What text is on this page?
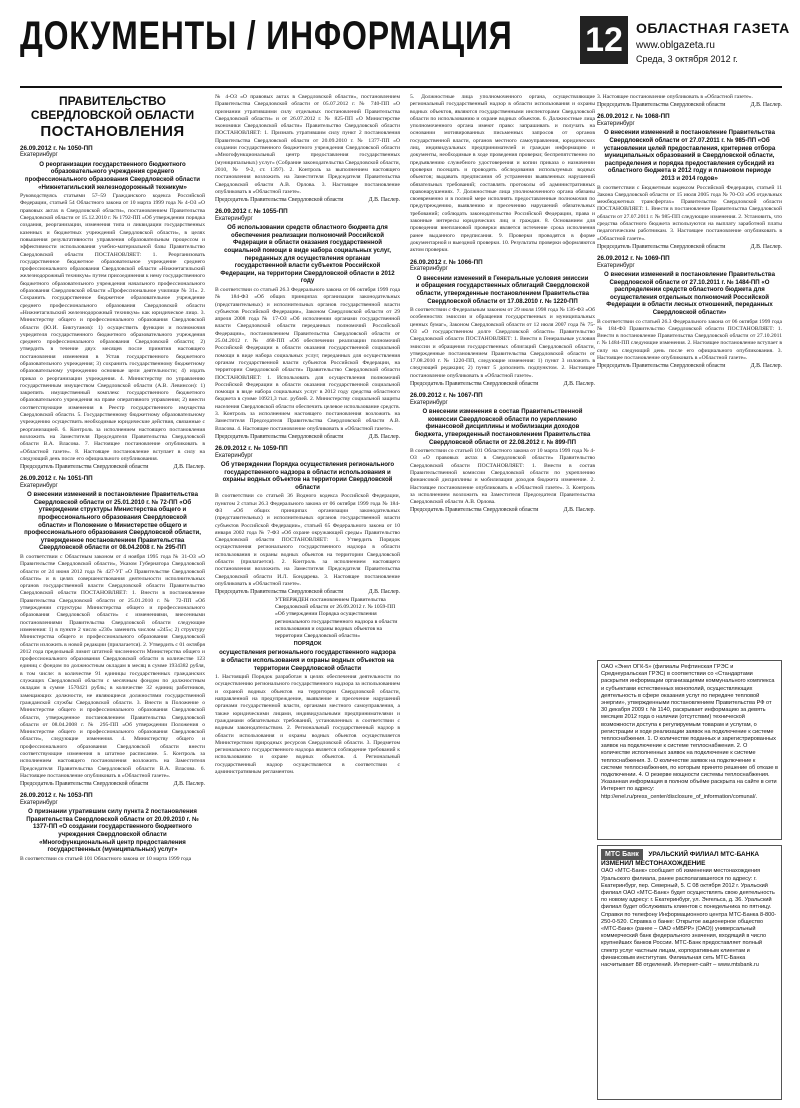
ДОКУМЕНТЫ / ИНФОРМАЦИЯ 12 ОБЛАСТНАЯ ГАЗЕТА
www.oblgazeta.ru
Среда, 3 октября 2012 г.

ПРАВИТЕЛЬСТВО СВЕРДЛОВСКОЙ ОБЛАСТИ

ПОСТАНОВЛЕНИЯ

26.09.2012 г. № 1050-ПП

Екатеринбург

О реорганизации государственного бюджетного образовательного учреждения среднего профессионального образования Свердловской области «Нижнетагильский железнодорожный техникум»

Руководствуясь статьями 57–59 Гражданского кодекса Российской Федерации, статьей 54 Областного закона от 10 марта 1999 года № 4-ОЗ «О правовых актах в Свердловской области», постановлением Правительства Свердловской области от 15.12.2010 г. № 1792-ПП «Об утверждении порядка создания, реорганизации, изменения типа и ликвидации государственных казенных и бюджетных учреждений Свердловской области», в целях повышения результативности управления образовательным процессом и эффективности использования учебно-материальной базы Правительство Свердловской области ПОСТАНОВЛЯЕТ: 1. Реорганизовать государственное бюджетное образовательное учреждение среднего профессионального образования Свердловской области «Нижнетагильский железнодорожный техникум» путем присоединения к нему государственного бюджетного образовательного учреждения начального профессионального образования Свердловской области «Профессиональное училище № 31». 2. Сохранить государственное бюджетное образовательное учреждение среднего профессионального образования Свердловской области «Нижнетагильский железнодорожный техникум» как юридическое лицо. 3. Министерству общего и профессионального образования Свердловской области (Ю.И. Биктуганов): 1) осуществить функции и полномочия учредителя государственного бюджетного образовательного учреждения среднего профессионального образования Свердловской области; 2) утвердить в течение двух месяцев после принятия настоящего постановления изменения в Устав государственного бюджетного образовательного учреждения; 3) сохранить государственному бюджетному образовательному учреждению основные цели деятельности; 4) издать приказ о реорганизации учреждения. 4. Министерству по управлению государственным имуществом Свердловской области (А.В. Левинсон): 1) закрепить имущественный комплекс государственного бюджетного образовательного учреждения на праве оперативного управления; 2) внести соответствующие изменения в Реестр государственного имущества Свердловской области. 5. Государственному бюджетному образовательному учреждению осуществить необходимые юридические действия, связанные с реорганизацией. 6. Контроль за исполнением настоящего постановления возложить на Заместителя Председателя Правительства Свердловской области В.А. Власова. 7. Настоящее постановление опубликовать в «Областной газете». 8. Настоящее постановление вступает в силу на следующий день после его официального опубликования.

Председатель Правительства Свердловской области	Д.В. Паслер.

26.09.2012 г. № 1051-ПП

Екатеринбург

О внесении изменений в постановление Правительства Свердловской области от 25.01.2010 г. № 72-ПП «Об утверждении структуры Министерства общего и профессионального образования Свердловской области» и Положение о Министерстве общего и профессионального образования Свердловской области, утвержденное постановлением Правительства Свердловской области от 08.04.2008 г. № 295-ПП

В соответствии с Областным законом от 4 ноября 1995 года № 31-ОЗ «О Правительстве Свердловской области», Указом Губернатора Свердловской области от 24 июня 2012 года № 427-УГ «О Правительстве Свердловской области» и в целях совершенствования деятельности исполнительных органов государственной власти Свердловской области Правительство Свердловской области ПОСТАНОВЛЯЕТ: 1. Внести в постановление Правительства Свердловской области от 25.01.2010 г. № 72-ПП «Об утверждении структуры Министерства общего и профессионального образования Свердловской области» с изменениями, внесенными постановлениями Правительства Свердловской области следующие изменения: 1) в пункте 2 число «230» заменить числом «245»; 2) структуру Министерства общего и профессионального образования Свердловской области изложить в новой редакции (прилагается). 2. Утвердить с 01 октября 2012 года предельный лимит штатной численности Министерства общего и профессионального образования Свердловской области в количестве 123 единиц с фондом по должностным окладам в месяц в сумме 1934382 рубля, в том числе: в количестве 91 единицы государственных гражданских служащих Свердловской области с месячным фондом по должностным окладам в сумме 1570421 рубль; в количестве 32 единиц работников, замещающих должности, не являющиеся должностями государственной гражданской службы Свердловской области. 3. Внести в Положение о Министерстве общего и профессионального образования Свердловской области, утвержденное постановлением Правительства Свердловской области от 08.04.2008 г. № 295-ПП «Об утверждении Положения о Министерстве общего и профессионального образования Свердловской области», следующие изменения. 4. Министерству общего и профессионального образования Свердловской области внести соответствующие изменения в штатное расписание. 5. Контроль за исполнением настоящего постановления возложить на Заместителя Председателя Правительства Свердловской области В.А. Власова. 6. Настоящее постановление опубликовать в «Областной газете».

Председатель Правительства Свердловской области	Д.В. Паслер.

26.09.2012 г. № 1053-ПП

Екатеринбург

О признании утратившим силу пункта 2 постановления Правительства Свердловской области от 20.09.2010 г. № 1377-ПП «О создании государственного бюджетного учреждения Свердловской области «Многофункциональный центр предоставления государственных (муниципальных) услуг»

В соответствии со статьей 101 Областного закона от 10 марта 1999 года

№ 4-ОЗ «О правовых актах в Свердловской области», постановлением Правительства Свердловской области от 05.07.2012 г. № 740-ПП «О признании утратившими силу отдельных постановлений Правительства Свердловской области» и от 26.07.2012 г. № 825-ПП «О Министерстве экономики Свердловской области» Правительство Свердловской области ПОСТАНОВЛЯЕТ: 1. Признать утратившим силу пункт 2 постановления Правительства Свердловской области от 20.09.2010 г. № 1377-ПП «О создании государственного бюджетного учреждения Свердловской области «Многофункциональный центр предоставления государственных (муниципальных) услуг» (Собрание законодательства Свердловской области, 2010, № 9-2, ст. 1397). 2. Контроль за выполнением настоящего постановления возложить на Заместителя Председателя Правительства Свердловской области А.В. Орлова. 3. Настоящее постановление опубликовать в «Областной газете».

Председатель Правительства Свердловской области	Д.В. Паслер.

26.09.2012 г. № 1055-ПП

Екатеринбург

Об использовании средств областного бюджета для обеспечения реализации полномочий Российской Федерации в области оказания государственной социальной помощи в виде набора социальных услуг, переданных для осуществления органам государственной власти субъектов Российской Федерации, на территории Свердловской области в 2012 году

В соответствии со статьей 26.3 Федерального закона от 06 октября 1999 года № 184-ФЗ «Об общих принципах организации законодательных (представительных) и исполнительных органов государственной власти субъектов Российской Федерации», Законом Свердловской области от 29 апреля 2008 года № 17-ОЗ «Об исполнении органами государственной власти Свердловской области переданных полномочий Российской Федерации», постановлением Правительства Свердловской области от 25.04.2012 г. № 468-ПП «Об обеспечении реализации полномочий Российской Федерации в области оказания государственной социальной помощи в виде набора социальных услуг, переданных для осуществления органам государственной власти субъектов Российской Федерации, на территории Свердловской области» Правительство Свердловской области ПОСТАНОВЛЯЕТ: 1. Использовать для осуществления полномочий Российской Федерации в области оказания государственной социальной помощи в виде набора социальных услуг в 2012 году средства областного бюджета в сумме 10921,3 тыс. рублей. 2. Министерству социальной защиты населения Свердловской области обеспечить целевое использование средств. 3. Контроль за исполнением настоящего постановления возложить на Заместителя Председателя Правительства Свердловской области А.В. Власова. 4. Настоящее постановление опубликовать в «Областной газете».

Председатель Правительства Свердловской области	Д.В. Паслер.

26.09.2012 г. № 1059-ПП

Екатеринбург

Об утверждении Порядка осуществления регионального государственного надзора в области использования и охраны водных объектов на территории Свердловской области

В соответствии со статьей 36 Водного кодекса Российской Федерации, пунктом 2 статьи 26.3 Федерального закона от 06 октября 1999 года № 184-ФЗ «Об общих принципах организации законодательных (представительных) и исполнительных органов государственной власти субъектов Российской Федерации», статьей 65 Федерального закона от 10 января 2002 года № 7-ФЗ «Об охране окружающей среды» Правительство Свердловской области ПОСТАНОВЛЯЕТ: 1. Утвердить Порядок осуществления регионального государственного надзора в области использования и охраны водных объектов на территории Свердловской области (прилагается). 2. Контроль за исполнением настоящего постановления возложить на Заместителя Председателя Правительства Свердловской области И.Л. Бондарева. 3. Настоящее постановление опубликовать в «Областной газете».

Председатель Правительства Свердловской области	Д.В. Паслер.

УТВЕРЖДЕН постановлением Правительства Свердловской области от 26.09.2012 г. № 1059-ПП «Об утверждении Порядка осуществления регионального государственного надзора в области использования и охраны водных объектов на территории Свердловской области»

ПОРЯДОК

осуществления регионального государственного надзора в области использования и охраны водных объектов на территории Свердловской области

1. Настоящий Порядок разработан в целях обеспечения деятельности по осуществлению регионального государственного надзора за использованием и охраной водных объектов на территории Свердловской области, направленной на предупреждение, выявление и пресечение нарушений органами государственной власти, органами местного самоуправления, а также юридическими лицами, индивидуальными предпринимателями и гражданами обязательных требований, установленных в соответствии с водным законодательством. 2. Региональный государственный надзор в области использования и охраны водных объектов осуществляется Министерством природных ресурсов Свердловской области. 3. Предметом регионального государственного надзора является соблюдение требований к использованию и охране водных объектов. 4. Региональный государственный надзор осуществляется в соответствии с административным регламентом.

5. Должностные лица уполномоченного органа, осуществляющие региональный государственный надзор в области использования и охраны водных объектов, являются государственными инспекторами Свердловской области по использованию и охране водных объектов. 6. Должностные лица уполномоченного органа имеют право: запрашивать и получать на основании мотивированных письменных запросов от органов государственной власти, органов местного самоуправления, юридических лиц, индивидуальных предпринимателей и граждан информацию и документы, необходимые в ходе проведения проверки; беспрепятственно по предъявлению служебного удостоверения и копии приказа о назначении проверки посещать и проводить обследования используемых водных объектов; выдавать предписания об устранении выявленных нарушений обязательных требований; составлять протоколы об административных правонарушениях. 7. Должностные лица уполномоченного органа обязаны своевременно и в полной мере исполнять предоставленные полномочия по предупреждению, выявлению и пресечению нарушений обязательных требований; соблюдать законодательство Российской Федерации, права и законные интересы юридических лиц и граждан. 8. Основанием для проведения внеплановой проверки является истечение срока исполнения ранее выданного предписания. 9. Проверки проводятся в форме документарной и выездной проверки. 10. Результаты проверки оформляются актом проверки.

26.09.2012 г. № 1066-ПП

Екатеринбург

О внесении изменений в Генеральные условия эмиссии и обращения государственных облигаций Свердловской области, утвержденные постановлением Правительства Свердловской области от 17.08.2010 г. № 1220-ПП

В соответствии с Федеральным законом от 29 июля 1998 года № 136-ФЗ «Об особенностях эмиссии и обращения государственных и муниципальных ценных бумаг», Законом Свердловской области от 12 июля 2007 года № 75-ОЗ «О государственном долге Свердловской области» Правительство Свердловской области ПОСТАНОВЛЯЕТ: 1. Внести в Генеральные условия эмиссии и обращения государственных облигаций Свердловской области, утвержденные постановлением Правительства Свердловской области от 17.08.2010 г. № 1220-ПП, следующие изменения: 1) пункт 3 изложить в следующей редакции; 2) пункт 5 дополнить подпунктом. 2. Настоящее постановление опубликовать в «Областной газете».

Председатель Правительства Свердловской области	Д.В. Паслер.

26.09.2012 г. № 1067-ПП

Екатеринбург

О внесении изменения в состав Правительственной комиссии Свердловской области по укреплению финансовой дисциплины и мобилизации доходов бюджета, утвержденный постановлением Правительства Свердловской области от 22.08.2012 г. № 899-ПП

В соответствии со статьей 101 Областного закона от 10 марта 1999 года № 4-ОЗ «О правовых актах в Свердловской области» Правительство Свердловской области ПОСТАНОВЛЯЕТ: 1. Внести в состав Правительственной комиссии Свердловской области по укреплению финансовой дисциплины и мобилизации доходов бюджета изменение. 2. Настоящее постановление опубликовать в «Областной газете». 3. Контроль за исполнением возложить на Заместителя Председателя Правительства Свердловской области А.В. Орлова.

Председатель Правительства Свердловской области	Д.В. Паслер.

3. Настоящее постановление опубликовать в «Областной газете».

Председатель Правительства Свердловской области	Д.В. Паслер.

26.09.2012 г. № 1068-ПП

Екатеринбург

О внесении изменений в постановление Правительства Свердловской области от 27.07.2011 г. № 985-ПП «Об установлении целей предоставления, критериев отбора муниципальных образований в Свердловской области, распределения и порядка предоставления субсидий из областного бюджета в 2012 году и плановом периоде 2013 и 2014 годов»

В соответствии с Бюджетным кодексом Российской Федерации, статьей 11 Закона Свердловской области от 15 июля 2005 года № 70-ОЗ «Об отдельных межбюджетных трансфертах» Правительство Свердловской области ПОСТАНОВЛЯЕТ: 1. Внести в постановление Правительства Свердловской области от 27.07.2011 г. № 985-ПП следующие изменения. 2. Установить, что средства областного бюджета используются на выплату заработной платы педагогическим работникам. 3. Настоящее постановление опубликовать в «Областной газете».

Председатель Правительства Свердловской области	Д.В. Паслер.

26.09.2012 г. № 1069-ПП

Екатеринбург

О внесении изменений в постановление Правительства Свердловской области от 27.10.2011 г. № 1484-ПП «О распределении средств областного бюджета для осуществления отдельных полномочий Российской Федерации в области лесных отношений, переданных Свердловской области»

В соответствии со статьей 26.3 Федерального закона от 06 октября 1999 года № 184-ФЗ Правительство Свердловской области ПОСТАНОВЛЯЕТ: 1. Внести в постановление Правительства Свердловской области от 27.10.2011 г. № 1484-ПП следующие изменения. 2. Настоящее постановление вступает в силу на следующий день после его официального опубликования. 3. Настоящее постановление опубликовать в «Областной газете».

Председатель Правительства Свердловской области	Д.В. Паслер.

ОАО «Энел ОГК-5» (филиалы Рефтинская ГРЭС и Среднеуральская ГРЭС) в соответствии со «Стандартами раскрытия информации организациями коммунального комплекса и субъектами естественных монополий, осуществляющих деятельность в сфере оказания услуг по передаче тепловой энергии», утвержденными постановлением Правительства РФ от 30 декабря 2009 г. № 1140, раскрывает информацию за девять месяцев 2012 года о наличии (отсутствии) технической возможности доступа к регулируемым товарам и услугам, о регистрации и ходе реализации заявок на подключение к системе теплоснабжения. 1. О количестве поданных и зарегистрированных заявок на подключение к системе теплоснабжения. 2. О количестве исполненных заявок на подключение к системе теплоснабжения. 3. О количестве заявок на подключение к системе теплоснабжения, по которым принято решение об отказе в подключении. 4. О резерве мощности системы теплоснабжения. Указанная информация в полном объёме раскрыта на сайте в сети Интернет по адресу: http://enel.ru/press_center/disclosure_of_information/comunal/.

МТС Банк УРАЛЬСКИЙ ФИЛИАЛ МТС-БАНКА ИЗМЕНИЛ МЕСТОНАХОЖДЕНИЕ

ОАО «МТС-Банк» сообщает об изменении местонахождения Уральского филиала, ранее располагавшегося по адресу: г. Екатеринбург, пер. Северный, 5. С 08 октября 2012 г. Уральский филиал ОАО «МТС-Банк» будет осуществлять свою деятельность по новому адресу: г. Екатеринбург, ул. Энгельса, д. 36. Уральский филиал будет обслуживать клиентов с понедельника по пятницу. Справки по телефону Информационного центра МТС-Банка 8-800-250-0-520. Справка о банке: Открытое акционерное общество «МТС-Банк» (ранее – ОАО «МБРР» (ОАО)) универсальный коммерческий банк федерального значения, входящий в число крупнейших банков России. МТС-Банк предоставляет полный спектр услуг частным лицам, корпоративным клиентам и финансовым институтам. Филиальная сеть МТС-Банка насчитывает 88 отделений. Интернет-сайт – www.mtsbank.ru
